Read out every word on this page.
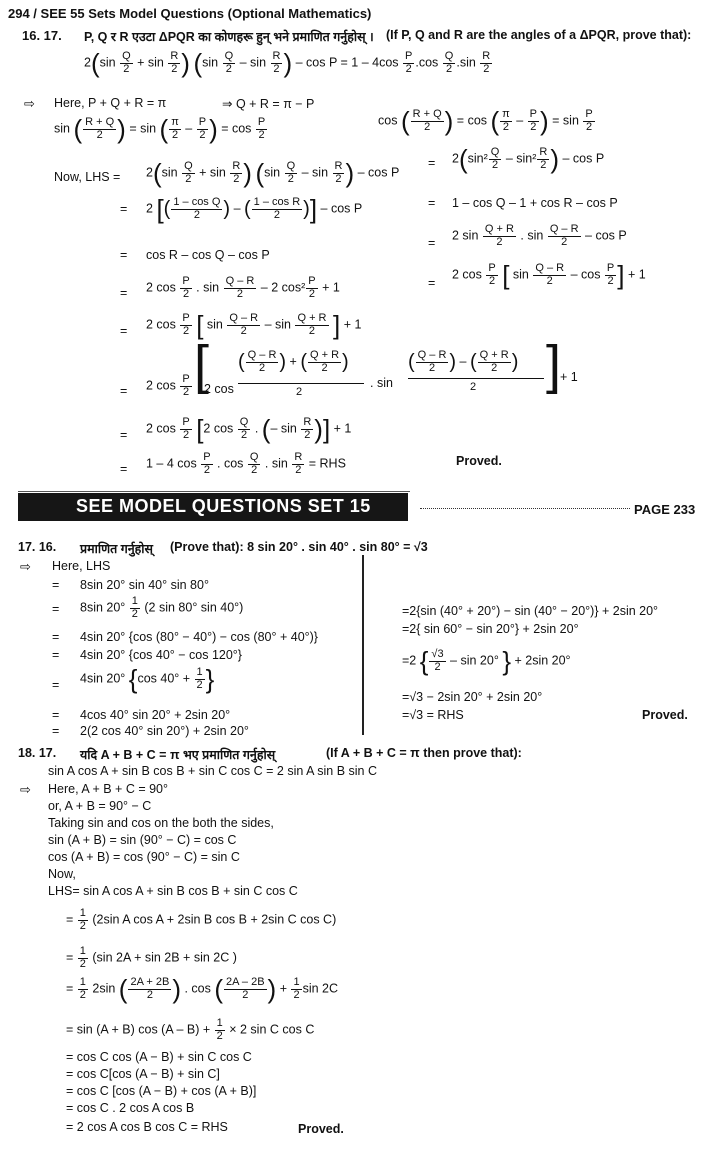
294 / SEE 55 Sets Model Questions (Optional Mathematics)
16. 17. P, Q र R एउटा ΔPQR का कोणहरू हुन् भने प्रमाणित गर्नुहोस् । (If P, Q and R are the angles of a ΔPQR, prove that):
$2(\sin \frac{Q}{2} + \sin \frac{R}{2}$ ) ($\sin \frac{Q}{2}$ – $\sin \frac{R}{2}$ ) – $\cos P = 1 - 4\cos \frac{P}{2} .\cos \frac{Q}{2} .\sin \frac{R}{2}$
⇨ Here, P + Q + R = π	⇒ Q + R = π − P
sin ( $\frac{R + Q}{2}$ ) = sin ( $\frac{\pi}{2} - \frac{P}{2}$ ) = $\cos \frac{P}{2}$	cos ( $\frac{R + Q}{2}$ ) = cos ( $\frac{\pi}{2} - \frac{P}{2}$ ) = $\sin \frac{P}{2}$
Now, LHS = $2(\sin \frac{Q}{2} + \sin \frac{R}{2}$ ) ($\sin \frac{Q}{2}$ – $\sin \frac{R}{2}$ ) – cos P
= 2 [( $\frac{\text{1 – cos Q}}{2}$ ) – ( $\frac{\text{1 – cos R}}{2}$ )] – cos P
= cos R – cos Q – cos P
= 2 $\cos \frac{P}{2}$ . $\sin \frac{Q - R}{2} - 2$ $\cos^2 \frac{P}{2} + 1$
= 2 $\cos \frac{P}{2}$ [ $\sin \frac{Q - R}{2}$ – $\sin \frac{Q + R}{2}$ ] + 1
= 2 $\cos \frac{P}{2}$ [
2 cos
( $\frac{Q - R}{2}$ ) + ( $\frac{Q + R}{2}$ )
2
. sin
( $\frac{Q - R}{2}$ ) – ( $\frac{Q + R}{2}$ )
2 ]
+ 1
= 2 $\cos \frac{P}{2} [2$ $\cos \frac{Q}{2}$ . (– $\sin \frac{R}{2}$ )] + 1
= 1 – 4 $\cos \frac{P}{2}$ . $\cos \frac{Q}{2}$ . $\sin \frac{R}{2}$ = RHS	Proved.
= $2(\sin^2 \frac{Q}{2} - \sin^2 \frac{R}{2}$ ) – cos P
= 1 – cos Q – 1 + cos R – cos P
=
2 $\sin \frac{Q + R}{2}$ . $\sin \frac{Q - R}{2}$ – cos P
=
2 $\cos \frac{P}{2}$ [ $\sin \frac{Q - R}{2}$ – $\cos \frac{P}{2}$ ] + 1
SEE MODEL QUESTIONS SET 15	PAGE 233
17. 16. प्रमाणित गर्नुहोस् (Prove that): 8 sin 20° . sin 40° . sin 80° = √3
⇨ Here, LHS
= 8sin 20° sin 40° sin 80°
= 8sin $20^\circ \frac{1}{2} (2$ sin 80° sin 40°)
= 4sin 20° {cos (80° − 40°) − cos (80° + 40°)}
= 4sin 20° {cos 40° − cos 120°}
= 4sin 20° {cos $40^\circ + \frac{1}{2}$ }
= 4cos 40° sin 20° + 2sin 20°
= 2(2 cos 40° sin 20°) + 2sin 20°
=2{sin (40° + 20°) − sin (40° − 20°)} + 2sin 20°
=2{ sin 60° − sin 20°} + 2sin 20°
=2 { $\frac{√3}{2}$ – sin 20° } + 2sin 20°
=√3 − 2sin 20° + 2sin 20°
=√3 = RHS	Proved.
18. 17. यदि A + B + C = π भए प्रमाणित गर्नुहोस्	(If A + B + C = π then prove that):
sin A cos A + sin B cos B + sin C cos C = 2 sin A sin B sin C
⇨ Here, A + B + C = 90°
or, A + B = 90° − C
Taking sin and cos on the both the sides,
sin (A + B) = sin (90° − C) = cos C
cos (A + B) = cos (90° − C) = sin C
Now,
LHS= sin A cos A + sin B cos B + sin C cos C
= $\frac{1}{2} (2\sin$ A cos A + 2sin B cos B + 2sin C cos C)
= $\frac{1}{2} (\sin$ 2A + sin 2B + sin 2C )
= $\frac{1}{2} 2\sin$ ( $\frac{2A + 2B}{2}$ ) . cos ( $\frac{2A - 2B}{2}$ ) + $\frac{1}{2}$ sin 2C
= sin (A + B) $\cos (A - B) + \frac{1}{2} \times 2$ sin C cos C
= cos C cos (A − B) + sin C cos C
= cos C[cos (A − B) + sin C]
= cos C [cos (A − B) + cos (A + B)]
= cos C . 2 cos A cos B
= 2 cos A cos B cos C = RHS	Proved.
